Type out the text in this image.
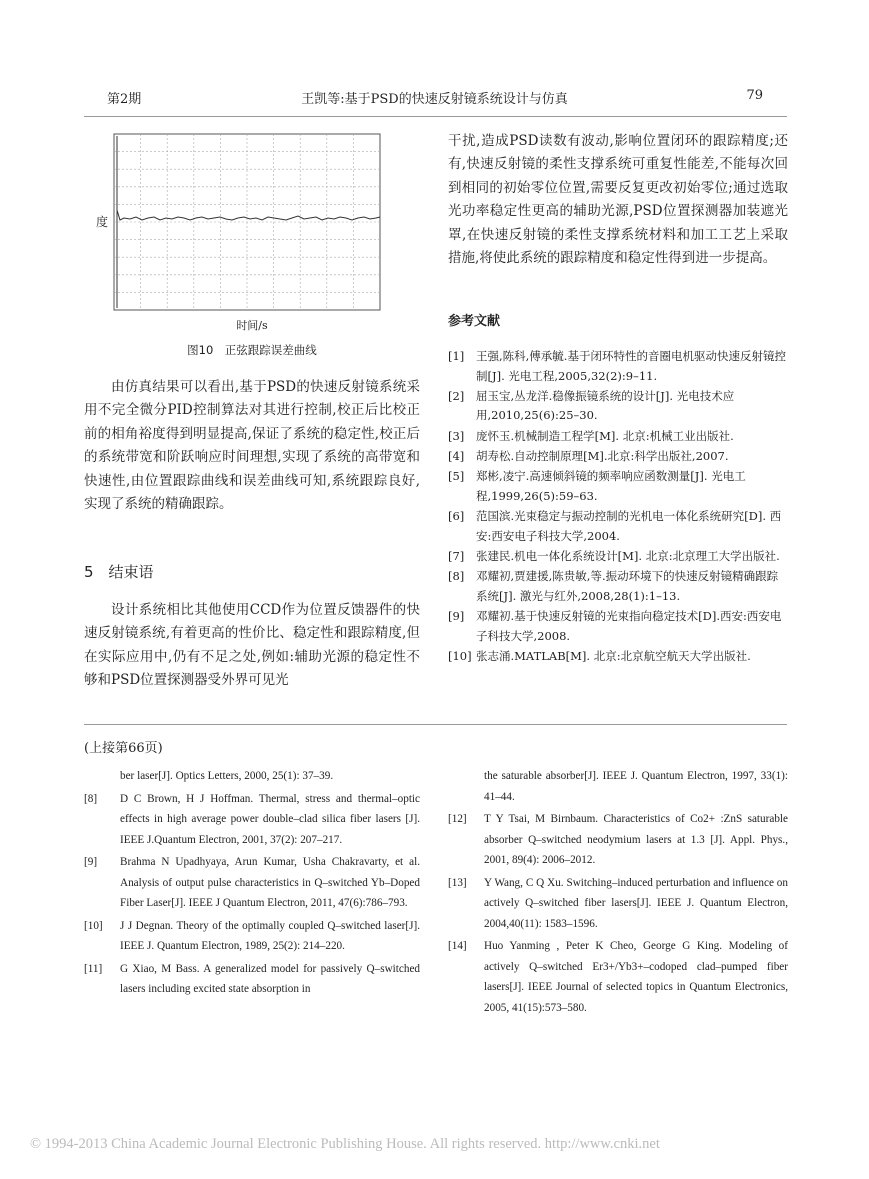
第2期	王凯等:基于PSD的快速反射镜系统设计与仿真	79
度
时间/s
图10　正弦跟踪误差曲线

由仿真结果可以看出,基于PSD的快速反射镜系统采用不完全微分PID控制算法对其进行控制,校正后比校正前的相角裕度得到明显提高,保证了系统的稳定性,校正后的系统带宽和阶跃响应时间理想,实现了系统的高带宽和快速性,由位置跟踪曲线和误差曲线可知,系统跟踪良好,实现了系统的精确跟踪。

5　结束语

设计系统相比其他使用CCD作为位置反馈器件的快速反射镜系统,有着更高的性价比、稳定性和跟踪精度,但在实际应用中,仍有不足之处,例如:辅助光源的稳定性不够和PSD位置探测器受外界可见光

干扰,造成PSD读数有波动,影响位置闭环的跟踪精度;还有,快速反射镜的柔性支撑系统可重复性能差,不能每次回到相同的初始零位位置,需要反复更改初始零位;通过选取光功率稳定性更高的辅助光源,PSD位置探测器加装遮光罩,在快速反射镜的柔性支撑系统材料和加工工艺上采取措施,将使此系统的跟踪精度和稳定性得到进一步提高。

参考文献

[1] 王强,陈科,傅承毓.基于闭环特性的音圈电机驱动快速反射镜控制[J]. 光电工程,2005,32(2):9–11.

[2] 屈玉宝,丛龙洋.稳像振镜系统的设计[J]. 光电技术应用,2010,25(6):25–30.

[3] 庞怀玉.机械制造工程学[M]. 北京:机械工业出版社.

[4] 胡寿松.自动控制原理[M].北京:科学出版社,2007.

[5] 郑彬,凌宁.高速倾斜镜的频率响应函数测量[J]. 光电工程,1999,26(5):59–63.

[6] 范国滨.光束稳定与振动控制的光机电一体化系统研究[D]. 西安:西安电子科技大学,2004.

[7] 张建民.机电一体化系统设计[M]. 北京:北京理工大学出版社.

[8] 邓耀初,贾建援,陈贵敏,等.振动环境下的快速反射镜精确跟踪系统[J]. 激光与红外,2008,28(1):1–13.

[9] 邓耀初.基于快速反射镜的光束指向稳定技术[D].西安:西安电子科技大学,2008.

[10] 张志涌.MATLAB[M]. 北京:北京航空航天大学出版社.

(上接第66页)

ber laser[J]. Optics Letters, 2000, 25(1): 37–39.

[8] D C Brown, H J Hoffman. Thermal, stress and thermal–optic effects in high average power double–clad silica fiber lasers [J]. IEEE J.Quantum Electron, 2001, 37(2): 207–217.

[9] Brahma N Upadhyaya, Arun Kumar, Usha Chakravarty, et al. Analysis of output pulse characteristics in Q–switched Yb–Doped Fiber Laser[J]. IEEE J Quantum Electron, 2011, 47(6):786–793.

[10] J J Degnan. Theory of the optimally coupled Q–switched laser[J]. IEEE J. Quantum Electron, 1989, 25(2): 214–220.

[11] G Xiao, M Bass. A generalized model for passively Q–switched lasers including excited state absorption in

the saturable absorber[J]. IEEE J. Quantum Electron, 1997, 33(1): 41–44.

[12] T Y Tsai, M Birnbaum. Characteristics of Co2+ :ZnS saturable absorber Q–switched neodymium lasers at 1.3 [J]. Appl. Phys., 2001, 89(4): 2006–2012.

[13] Y Wang, C Q Xu. Switching–induced perturbation and influence on actively Q–switched fiber lasers[J]. IEEE J. Quantum Electron, 2004,40(11): 1583–1596.

[14] Huo Yanming , Peter K Cheo, George G King. Modeling of actively Q–switched Er3+/Yb3+–codoped clad–pumped fiber lasers[J]. IEEE Journal of selected topics in Quantum Electronics, 2005, 41(15):573–580.

© 1994-2013 China Academic Journal Electronic Publishing House. All rights reserved. http://www.cnki.net
